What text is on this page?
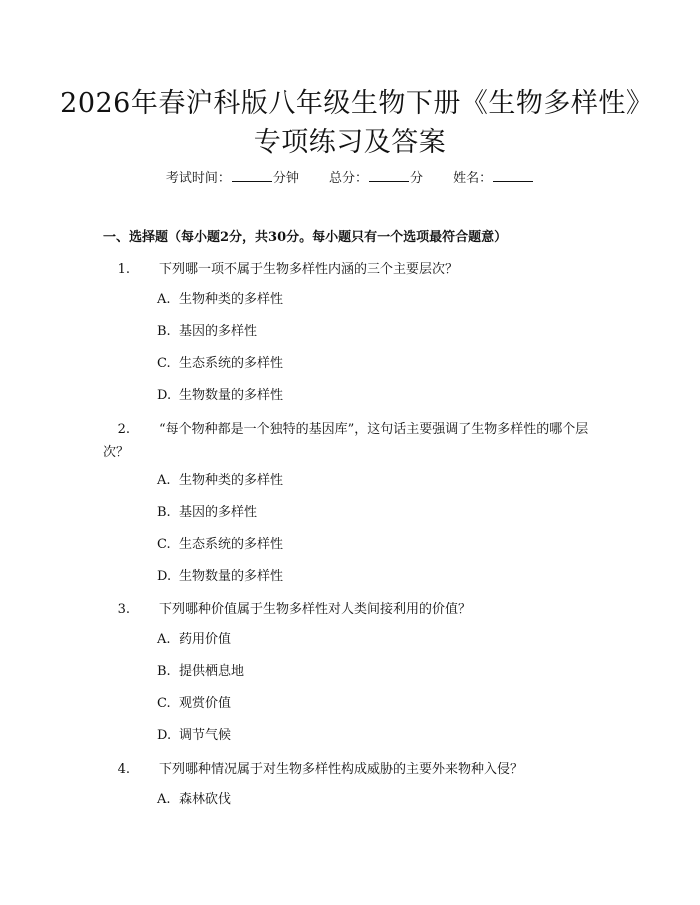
2026年春沪科版八年级生物下册《生物多样性》专项练习及答案
考试时间：	分钟 总分：	分 姓名：
一、选择题（每小题2分，共30分。每小题只有一个选项最符合题意）
1. 下列哪一项不属于生物多样性内涵的三个主要层次？
A. 生物种类的多样性
B. 基因的多样性
C. 生态系统的多样性
D. 生物数量的多样性
2. “每个物种都是一个独特的基因库”，这句话主要强调了生物多样性的哪个层次？
A. 生物种类的多样性
B. 基因的多样性
C. 生态系统的多样性
D. 生物数量的多样性
3. 下列哪种价值属于生物多样性对人类间接利用的价值？
A. 药用价值
B. 提供栖息地
C. 观赏价值
D. 调节气候
4. 下列哪种情况属于对生物多样性构成威胁的主要外来物种入侵？
A. 森林砍伐
